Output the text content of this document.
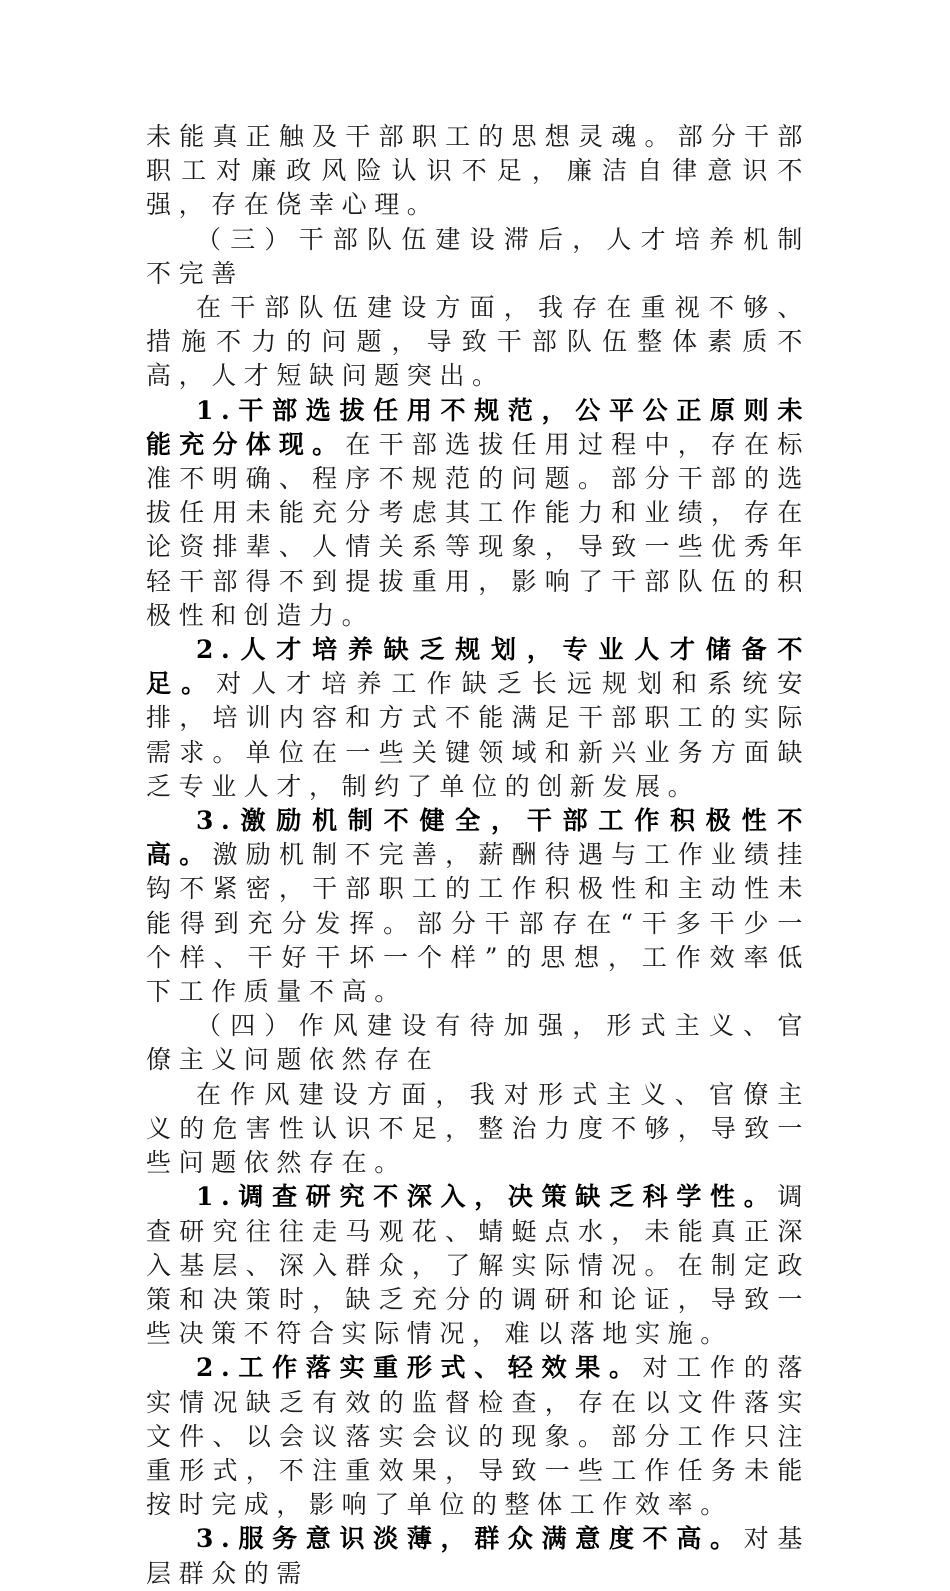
未能真正触及干部职工的思想灵魂。部分干部职工对廉政风险认识不足，廉洁自律意识不强，存在侥幸心理。

（三）干部队伍建设滞后，人才培养机制不完善

在干部队伍建设方面，我存在重视不够、措施不力的问题，导致干部队伍整体素质不高，人才短缺问题突出。

1.干部选拔任用不规范，公平公正原则未能充分体现。在干部选拔任用过程中，存在标准不明确、程序不规范的问题。部分干部的选拔任用未能充分考虑其工作能力和业绩，存在论资排辈、人情关系等现象，导致一些优秀年轻干部得不到提拔重用，影响了干部队伍的积极性和创造力。

2.人才培养缺乏规划，专业人才储备不足。对人才培养工作缺乏长远规划和系统安排，培训内容和方式不能满足干部职工的实际需求。单位在一些关键领域和新兴业务方面缺乏专业人才，制约了单位的创新发展。

3.激励机制不健全，干部工作积极性不高。激励机制不完善，薪酬待遇与工作业绩挂钩不紧密，干部职工的工作积极性和主动性未能得到充分发挥。部分干部存在“干多干少一个样、干好干坏一个样”的思想，工作效率低下工作质量不高。

（四）作风建设有待加强，形式主义、官僚主义问题依然存在

在作风建设方面，我对形式主义、官僚主义的危害性认识不足，整治力度不够，导致一些问题依然存在。

1.调查研究不深入，决策缺乏科学性。调查研究往往走马观花、蜻蜓点水，未能真正深入基层、深入群众，了解实际情况。在制定政策和决策时，缺乏充分的调研和论证，导致一些决策不符合实际情况，难以落地实施。

2.工作落实重形式、轻效果。对工作的落实情况缺乏有效的监督检查，存在以文件落实文件、以会议落实会议的现象。部分工作只注重形式，不注重效果，导致一些工作任务未能按时完成，影响了单位的整体工作效率。

3.服务意识淡薄，群众满意度不高。对基层群众的需
